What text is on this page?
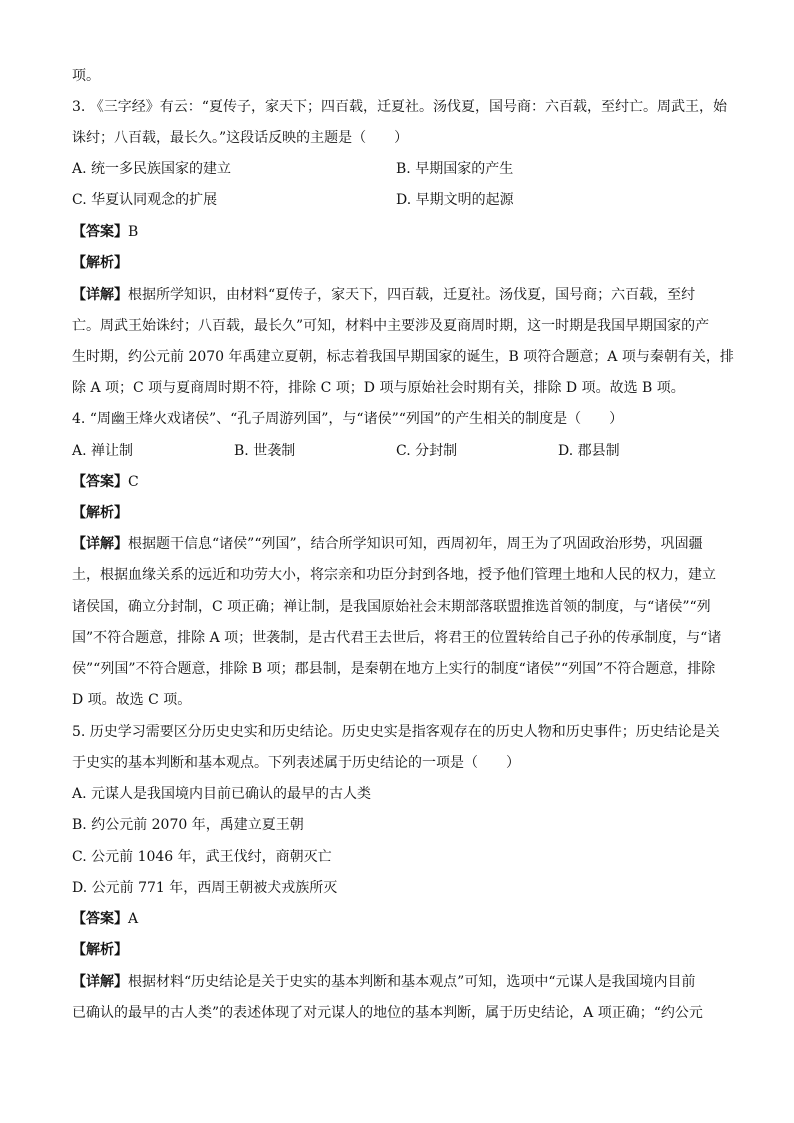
项。
3. 《三字经》有云：“夏传子，家天下；四百载，迁夏社。汤伐夏，国号商：六百载，至纣亡。周武王，始
诛纣；八百载，最长久。”这段话反映的主题是（　　）
A. 统一多民族国家的建立	B. 早期国家的产生
C. 华夏认同观念的扩展	D. 早期文明的起源
【答案】B
【解析】
【详解】根据所学知识，由材料“夏传子，家天下，四百载，迁夏社。汤伐夏，国号商；六百载，至纣
亡。周武王始诛纣；八百载，最长久”可知，材料中主要涉及夏商周时期，这一时期是我国早期国家的产
生时期，约公元前 2070 年禹建立夏朝，标志着我国早期国家的诞生，B 项符合题意；A 项与秦朝有关，排
除 A 项；C 项与夏商周时期不符，排除 C 项；D 项与原始社会时期有关，排除 D 项。故选 B 项。
4. “周幽王烽火戏诸侯”、“孔子周游列国”，与“诸侯”“列国”的产生相关的制度是（　　）
A. 禅让制	B. 世袭制	C. 分封制	D. 郡县制
【答案】C
【解析】
【详解】根据题干信息“诸侯”“列国”，结合所学知识可知，西周初年，周王为了巩固政治形势，巩固疆
土，根据血缘关系的远近和功劳大小，将宗亲和功臣分封到各地，授予他们管理土地和人民的权力，建立
诸侯国，确立分封制，C 项正确；禅让制，是我国原始社会末期部落联盟推选首领的制度，与“诸侯”“列
国”不符合题意，排除 A 项；世袭制，是古代君王去世后，将君王的位置转给自己子孙的传承制度，与“诸
侯”“列国”不符合题意，排除 B 项；郡县制，是秦朝在地方上实行的制度“诸侯”“列国”不符合题意，排除
D 项。故选 C 项。
5. 历史学习需要区分历史史实和历史结论。历史史实是指客观存在的历史人物和历史事件；历史结论是关
于史实的基本判断和基本观点。下列表述属于历史结论的一项是（　　）
A. 元谋人是我国境内目前已确认的最早的古人类
B. 约公元前 2070 年，禹建立夏王朝
C. 公元前 1046 年，武王伐纣，商朝灭亡
D. 公元前 771 年，西周王朝被犬戎族所灭
【答案】A
【解析】
【详解】根据材料“历史结论是关于史实的基本判断和基本观点”可知，选项中“元谋人是我国境内目前
已确认的最早的古人类”的表述体现了对元谋人的地位的基本判断，属于历史结论，A 项正确；“约公元
